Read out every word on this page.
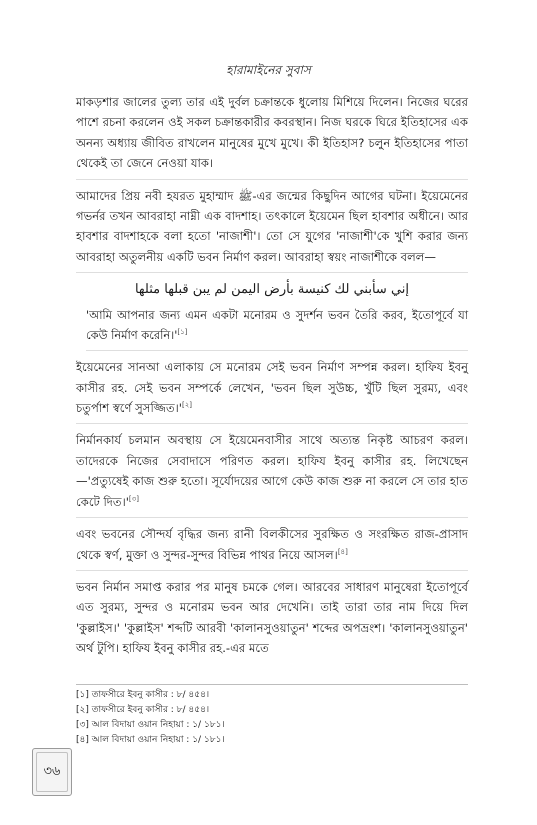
হারামাইনের সুবাস

মাকড়শার জালের তুল্য তার এই দুর্বল চক্রান্তকে ধুলোয় মিশিয়ে দিলেন। নিজের ঘরের পাশে রচনা করলেন ওই সকল চক্রান্তকারীর কবরস্থান। নিজ ঘরকে ঘিরে ইতিহাসের এক অনন্য অধ্যায় জীবিত রাখলেন মানুষের মুখে মুখে। কী ইতিহাস? চলুন ইতিহাসের পাতা থেকেই তা জেনে নেওয়া যাক।

আমাদের প্রিয় নবী হযরত মুহাম্মাদ ﷺ-এর জন্মের কিছুদিন আগের ঘটনা। ইয়েমেনের গভর্নর তখন আবরাহা নাম্নী এক বাদশাহ। তৎকালে ইয়েমেন ছিল হাবশার অধীনে। আর হাবশার বাদশাহকে বলা হতো 'নাজাশী'। তো সে যুগের 'নাজাশী'কে খুশি করার জন্য আবরাহা অতুলনীয় একটি ভবন নির্মাণ করল। আবরাহা স্বয়ং নাজাশীকে বলল—

إني سأبني لك كنيسة بأرض اليمن لم يبن قبلها مثلها

'আমি আপনার জন্য এমন একটা মনোরম ও সুদর্শন ভবন তৈরি করব, ইতোপূর্বে যা কেউ নির্মাণ করেনি।'[১]

ইয়েমেনের সানআ এলাকায় সে মনোরম সেই ভবন নির্মাণ সম্পন্ন করল। হাফিয ইবনু কাসীর রহ. সেই ভবন সম্পর্কে লেখেন, 'ভবন ছিল সুউচ্চ, খুঁটি ছিল সুরম্য, এবং চতুর্পাশ স্বর্ণে সুসজ্জিত।'[২]

নির্মানকার্য চলমান অবস্থায় সে ইয়েমেনবাসীর সাথে অত্যন্ত নিকৃষ্ট আচরণ করল। তাদেরকে নিজের সেবাদাসে পরিণত করল। হাফিয ইবনু কাসীর রহ. লিখেছেন—'প্রত্যুষেই কাজ শুরু হতো। সূর্যোদয়ের আগে কেউ কাজ শুরু না করলে সে তার হাত কেটে দিত।'[৩]

এবং ভবনের সৌন্দর্য বৃদ্ধির জন্য রানী বিলকীসের সুরক্ষিত ও সংরক্ষিত রাজ-প্রাসাদ থেকে স্বর্ণ, মুক্তা ও সুন্দর-সুন্দর বিভিন্ন পাথর নিয়ে আসল।[৪]

ভবন নির্মান সমাপ্ত করার পর মানুষ চমকে গেল। আরবের সাধারণ মানুষেরা ইতোপূর্বে এত সুরম্য, সুন্দর ও মনোরম ভবন আর দেখেনি। তাই তারা তার নাম দিয়ে দিল 'কুল্লাইস।' 'কুল্লাইস' শব্দটি আরবী 'কালানসুওয়াতুন' শব্দের অপভ্রংশ। 'কালানসুওয়াতুন' অর্থ টুপি। হাফিয ইবনু কাসীর রহ.-এর মতে

[১] তাফসীরে ইবনু কাসীর : ৮/ ৪৫৪।
[২] তাফসীরে ইবনু কাসীর : ৮/ ৪৫৪।
[৩] আল বিদায়া ওয়ান নিহায়া : ১/ ১৮১।
[৪] আল বিদায়া ওয়ান নিহায়া : ১/ ১৮১।
৩৬
